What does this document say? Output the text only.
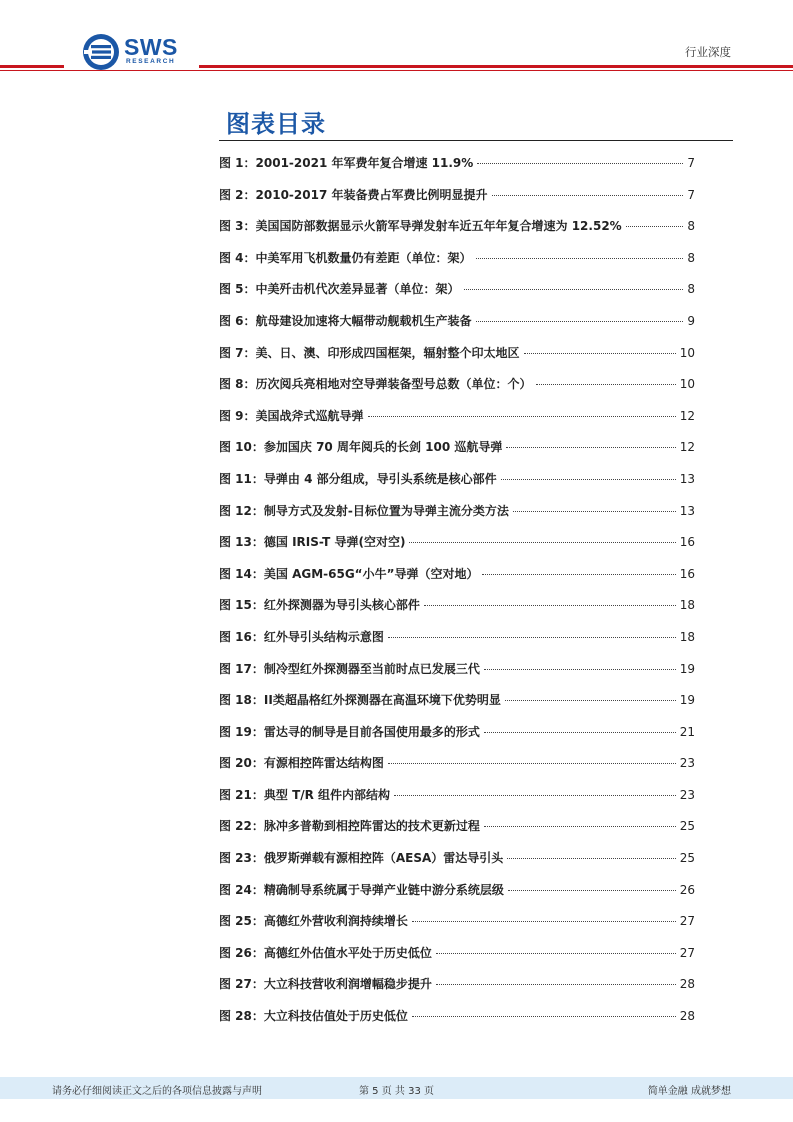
SWS
RESEARCH
行业深度
图表目录
图 1： 2001-2021 年军费年复合增速 11.9%	7
图 2： 2010-2017 年装备费占军费比例明显提升	7
图 3： 美国国防部数据显示火箭军导弹发射车近五年年复合增速为 12.52%	8
图 4： 中美军用飞机数量仍有差距（单位：架）	8
图 5： 中美歼击机代次差异显著（单位：架）	8
图 6： 航母建设加速将大幅带动舰载机生产装备	9
图 7： 美、日、澳、印形成四国框架，辐射整个印太地区	10
图 8： 历次阅兵亮相地对空导弹装备型号总数（单位：个）	10
图 9： 美国战斧式巡航导弹	12
图 10： 参加国庆 70 周年阅兵的长剑 100 巡航导弹	12
图 11： 导弹由 4 部分组成，导引头系统是核心部件	13
图 12： 制导方式及发射-目标位置为导弹主流分类方法	13
图 13： 德国 IRIS-T 导弹(空对空)	16
图 14： 美国 AGM-65G“小牛”导弹（空对地）	16
图 15： 红外探测器为导引头核心部件	18
图 16： 红外导引头结构示意图	18
图 17： 制冷型红外探测器至当前时点已发展三代	19
图 18： II类超晶格红外探测器在高温环境下优势明显	19
图 19： 雷达寻的制导是目前各国使用最多的形式	21
图 20： 有源相控阵雷达结构图	23
图 21： 典型 T/R 组件内部结构	23
图 22： 脉冲多普勒到相控阵雷达的技术更新过程	25
图 23： 俄罗斯弹载有源相控阵（AESA）雷达导引头	25
图 24： 精确制导系统属于导弹产业链中游分系统层级	26
图 25： 高德红外营收利润持续增长	27
图 26： 高德红外估值水平处于历史低位	27
图 27： 大立科技营收利润增幅稳步提升	28
图 28： 大立科技估值处于历史低位	28
请务必仔细阅读正文之后的各项信息披露与声明	第 5 页 共 33 页	简单金融 成就梦想
